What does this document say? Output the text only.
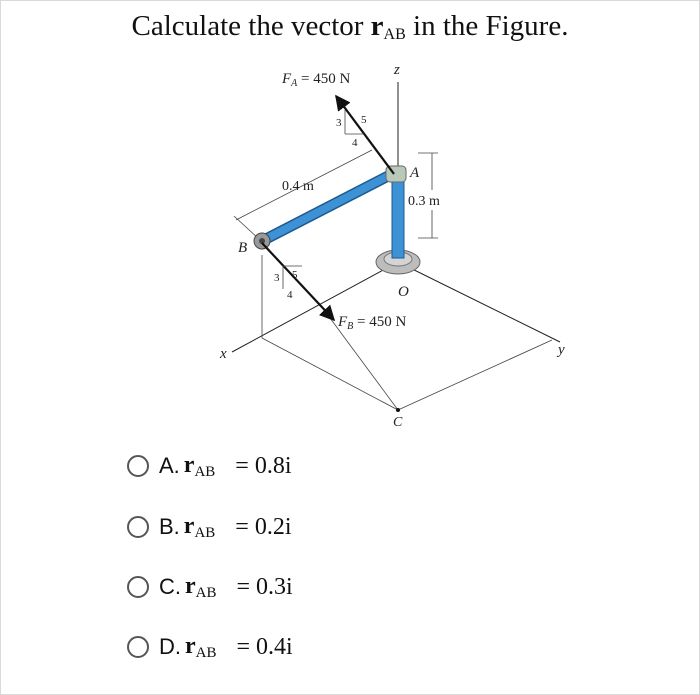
Calculate the vector $r_{AB}$ in the Figure.
0.4 m
0.3 m
3 5
4
3 5
4
$F_A = 450$ N
$F_B = 450$ N
z
x	y
A
B
O
C
A. $r_{AB} = 0.8i$
B. $r_{AB} = 0.2i$
C. $r_{AB} = 0.3i$
D. $r_{AB} = 0.4i$
